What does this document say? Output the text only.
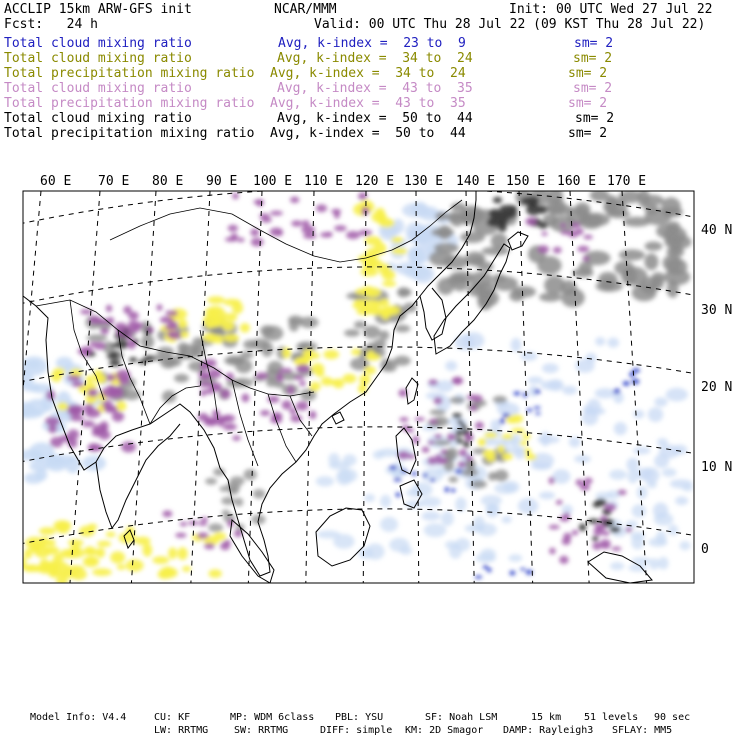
ACCLIP 15km ARW-GFS init	NCAR/MMM	Init: 00 UTC Wed 27 Jul 22
Fcst:   24 h	Valid: 00 UTC Thu 28 Jul 22 (09 KST Thu 28 Jul 22)
Total cloud mixing ratio	Avg, k-index =  23 to  9	sm= 2
Total cloud mixing ratio	Avg, k-index =  34 to  24	sm= 2
Total precipitation mixing ratio Avg, k-index =  34 to  24	sm= 2
Total cloud mixing ratio	Avg, k-index =  43 to  35	sm= 2
Total precipitation mixing ratio Avg, k-index =  43 to  35	sm= 2
Total cloud mixing ratio	Avg, k-index =  50 to  44	sm= 2
Total precipitation mixing ratio Avg, k-index =  50 to  44	sm= 2
60 E 70 E 80 E 90 E 100 E 110 E 120 E 130 E 140 E 150 E 160 E 170 E
40 N
30 N
20 N
10 N
0
Model Info: V4.4	CU: KF	MP: WDM 6class PBL: YSU	SF: Noah LSM	15 km 51 levels 90 sec
LW: RRTMG	SW: RRTMG	DIFF: simple KM: 2D Smagor DAMP: Rayleigh3 SFLAY: MM5
